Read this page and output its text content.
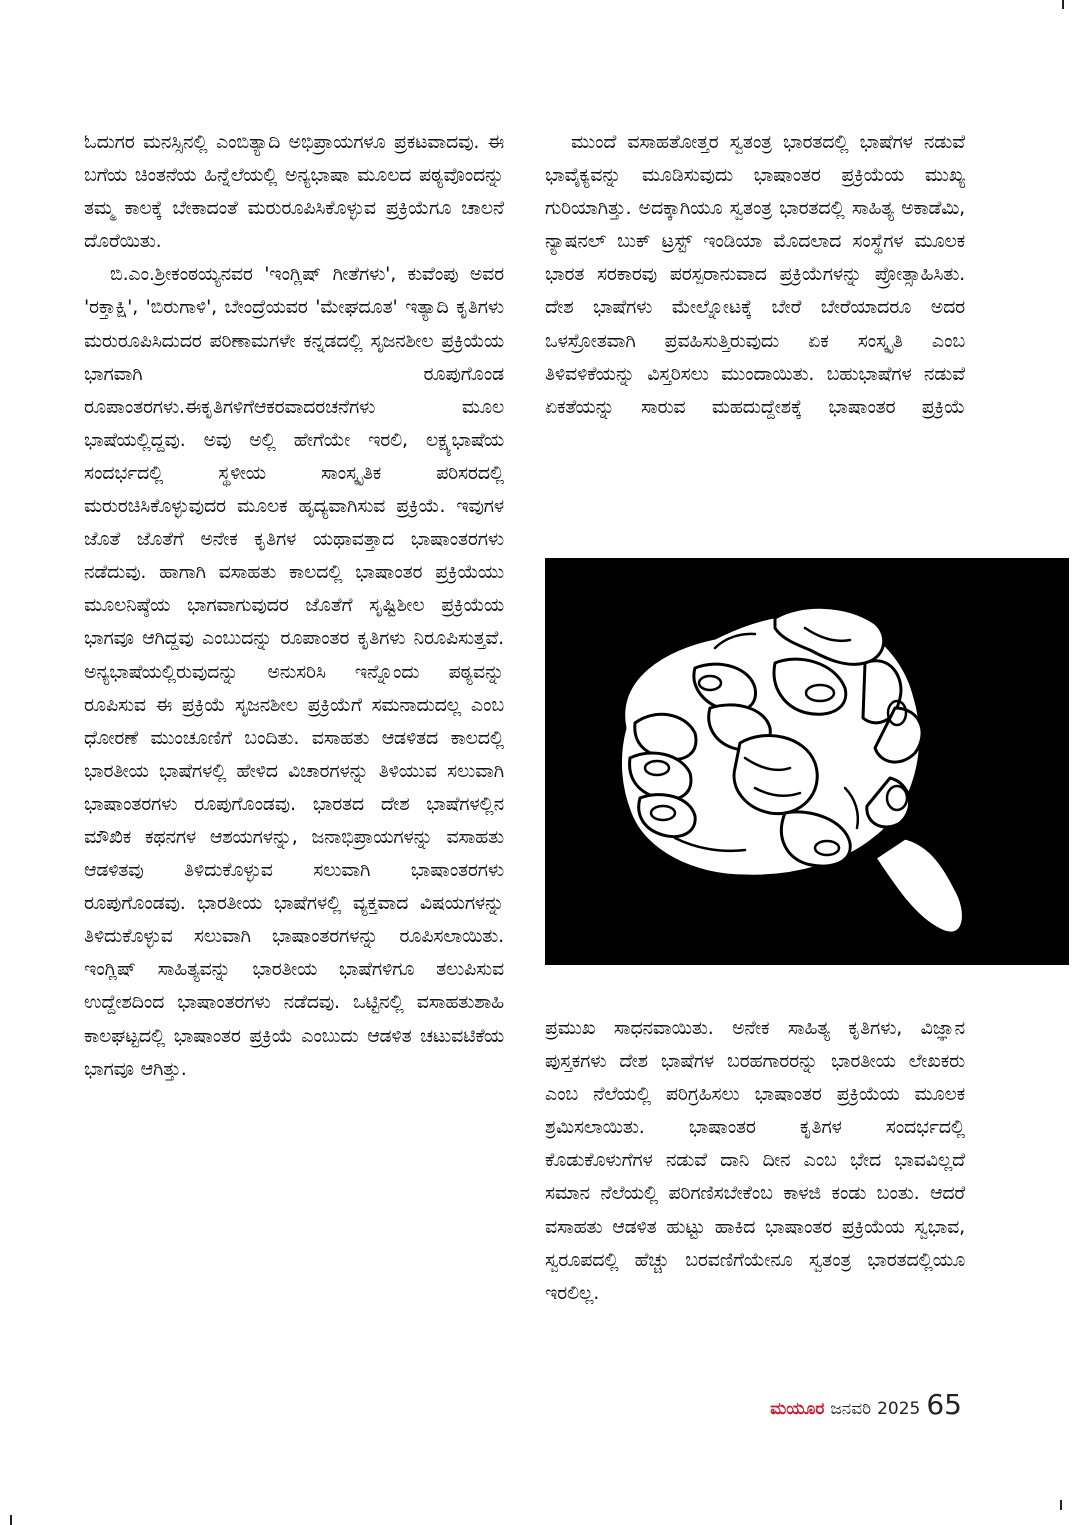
ಓದುಗರ ಮನಸ್ಸಿನಲ್ಲಿ ಎಂಬಿತ್ಯಾದಿ ಅಭಿಪ್ರಾಯಗಳೂ ಪ್ರಕಟವಾದವು. ಈ ಬಗೆಯ ಚಿಂತನೆಯ ಹಿನ್ನೆಲೆಯಲ್ಲಿ ಅನ್ಯಭಾಷಾ ಮೂಲದ ಪಠ್ಯವೊಂದನ್ನು ತಮ್ಮ ಕಾಲಕ್ಕೆ ಬೇಕಾದಂತೆ ಮರುರೂಪಿಸಿಕೊಳ್ಳುವ ಪ್ರಕ್ರಿಯೆಗೂ ಚಾಲನೆ ದೊರೆಯಿತು.

ಬಿ.ಎಂ.ಶ್ರೀಕಂಠಯ್ಯನವರ 'ಇಂಗ್ಲಿಷ್ ಗೀತೆಗಳು', ಕುವೆಂಪು ಅವರ 'ರಕ್ತಾಕ್ಷಿ', 'ಬಿರುಗಾಳಿ', ಬೇಂದ್ರೆಯವರ 'ಮೇಘದೂತ' ಇತ್ಯಾದಿ ಕೃತಿಗಳು ಮರುರೂಪಿಸಿದುದರ ಪರಿಣಾಮಗಳೇ ಕನ್ನಡದಲ್ಲಿ ಸೃಜನಶೀಲ ಪ್ರಕ್ರಿಯೆಯ ಭಾಗವಾಗಿ ರೂಪುಗೊಂಡ ರೂಪಾಂತರಗಳು.ಈಕೃತಿಗಳಿಗೆಆಕರವಾದರಚನೆಗಳು ಮೂಲ ಭಾಷೆಯಲ್ಲಿದ್ದವು. ಅವು ಅಲ್ಲಿ ಹೇಗೆಯೇ ಇರಲಿ, ಲಕ್ಷ್ಯಭಾಷೆಯ ಸಂದರ್ಭದಲ್ಲಿ ಸ್ಥಳೀಯ ಸಾಂಸ್ಕೃತಿಕ ಪರಿಸರದಲ್ಲಿ ಮರುರಚಿಸಿಕೊಳ್ಳುವುದರ ಮೂಲಕ ಹೃದ್ಯವಾಗಿಸುವ ಪ್ರಕ್ರಿಯೆ. ಇವುಗಳ ಜೊತೆ ಜೊತೆಗೆ ಅನೇಕ ಕೃತಿಗಳ ಯಥಾವತ್ತಾದ ಭಾಷಾಂತರಗಳು ನಡೆದುವು. ಹಾಗಾಗಿ ವಸಾಹತು ಕಾಲದಲ್ಲಿ ಭಾಷಾಂತರ ಪ್ರಕ್ರಿಯೆಯು ಮೂಲನಿಷ್ಠೆಯ ಭಾಗವಾಗುವುದರ ಜೊತೆಗೆ ಸೃಷ್ಟಿಶೀಲ ಪ್ರಕ್ರಿಯೆಯ ಭಾಗವೂ ಆಗಿದ್ದವು ಎಂಬುದನ್ನು ರೂಪಾಂತರ ಕೃತಿಗಳು ನಿರೂಪಿಸುತ್ತವೆ. ಅನ್ಯಭಾಷೆಯಲ್ಲಿರುವುದನ್ನು ಅನುಸರಿಸಿ ಇನ್ನೊಂದು ಪಠ್ಯವನ್ನು ರೂಪಿಸುವ ಈ ಪ್ರಕ್ರಿಯೆ ಸೃಜನಶೀಲ ಪ್ರಕ್ರಿಯೆಗೆ ಸಮನಾದುದಲ್ಲ ಎಂಬ ಧೋರಣೆ ಮುಂಚೂಣಿಗೆ ಬಂದಿತು. ವಸಾಹತು ಆಡಳಿತದ ಕಾಲದಲ್ಲಿ ಭಾರತೀಯ ಭಾಷೆಗಳಲ್ಲಿ ಹೇಳಿದ ವಿಚಾರಗಳನ್ನು ತಿಳಿಯುವ ಸಲುವಾಗಿ ಭಾಷಾಂತರಗಳು ರೂಪುಗೊಂಡವು. ಭಾರತದ ದೇಶ ಭಾಷೆಗಳಲ್ಲಿನ ಮೌಖಿಕ ಕಥನಗಳ ಆಶಯಗಳನ್ನು, ಜನಾಭಿಪ್ರಾಯಗಳನ್ನು ವಸಾಹತು ಆಡಳಿತವು ತಿಳಿದುಕೊಳ್ಳುವ ಸಲುವಾಗಿ ಭಾಷಾಂತರಗಳು ರೂಪುಗೊಂಡವು. ಭಾರತೀಯ ಭಾಷೆಗಳಲ್ಲಿ ವ್ಯಕ್ತವಾದ ವಿಷಯಗಳನ್ನು ತಿಳಿದುಕೊಳ್ಳುವ ಸಲುವಾಗಿ ಭಾಷಾಂತರಗಳನ್ನು ರೂಪಿಸಲಾಯಿತು. ಇಂಗ್ಲಿಷ್ ಸಾಹಿತ್ಯವನ್ನು ಭಾರತೀಯ ಭಾಷೆಗಳಿಗೂ ತಲುಪಿಸುವ ಉದ್ದೇಶದಿಂದ ಭಾಷಾಂತರಗಳು ನಡೆದವು. ಒಟ್ಟಿನಲ್ಲಿ ವಸಾಹತುಶಾಹಿ ಕಾಲಘಟ್ಟದಲ್ಲಿ ಭಾಷಾಂತರ ಪ್ರಕ್ರಿಯೆ ಎಂಬುದು ಆಡಳಿತ ಚಟುವಟಿಕೆಯ ಭಾಗವೂ ಆಗಿತ್ತು.

ಮುಂದೆ ವಸಾಹತೋತ್ತರ ಸ್ವತಂತ್ರ ಭಾರತದಲ್ಲಿ ಭಾಷೆಗಳ ನಡುವೆ ಭಾವೈಕ್ಯವನ್ನು ಮೂಡಿಸುವುದು ಭಾಷಾಂತರ ಪ್ರಕ್ರಿಯೆಯ ಮುಖ್ಯ ಗುರಿಯಾಗಿತ್ತು. ಅದಕ್ಕಾಗಿಯೂ ಸ್ವತಂತ್ರ ಭಾರತದಲ್ಲಿ ಸಾಹಿತ್ಯ ಅಕಾಡೆಮಿ, ನ್ಯಾಷನಲ್ ಬುಕ್ ಟ್ರಸ್ಟ್ ಇಂಡಿಯಾ ಮೊದಲಾದ ಸಂಸ್ಥೆಗಳ ಮೂಲಕ ಭಾರತ ಸರಕಾರವು ಪರಸ್ಪರಾನುವಾದ ಪ್ರಕ್ರಿಯೆಗಳನ್ನು ಪ್ರೋತ್ಸಾಹಿಸಿತು. ದೇಶ ಭಾಷೆಗಳು ಮೇಲ್ನೋಟಕ್ಕೆ ಬೇರೆ ಬೇರೆಯಾದರೂ ಅದರ ಒಳಸ್ರೋತವಾಗಿ ಪ್ರವಹಿಸುತ್ತಿರುವುದು ಏಕ ಸಂಸ್ಕೃತಿ ಎಂಬ ತಿಳಿವಳಿಕೆಯನ್ನು ವಿಸ್ತರಿಸಲು ಮುಂದಾಯಿತು. ಬಹುಭಾಷೆಗಳ ನಡುವೆ ಏಕತೆಯನ್ನು ಸಾರುವ ಮಹದುದ್ದೇಶಕ್ಕೆ ಭಾಷಾಂತರ ಪ್ರಕ್ರಿಯೆ

ಪ್ರಮುಖ ಸಾಧನವಾಯಿತು. ಅನೇಕ ಸಾಹಿತ್ಯ ಕೃತಿಗಳು, ವಿಜ್ಞಾನ ಪುಸ್ತಕಗಳು ದೇಶ ಭಾಷೆಗಳ ಬರಹಗಾರರನ್ನು ಭಾರತೀಯ ಲೇಖಕರು ಎಂಬ ನೆಲೆಯಲ್ಲಿ ಪರಿಗ್ರಹಿಸಲು ಭಾಷಾಂತರ ಪ್ರಕ್ರಿಯೆಯ ಮೂಲಕ ಶ್ರಮಿಸಲಾಯಿತು. ಭಾಷಾಂತರ ಕೃತಿಗಳ ಸಂದರ್ಭದಲ್ಲಿ ಕೊಡುಕೊಳುಗೆಗಳ ನಡುವೆ ದಾನಿ ದೀನ ಎಂಬ ಭೇದ ಭಾವವಿಲ್ಲದೆ ಸಮಾನ ನೆಲೆಯಲ್ಲಿ ಪರಿಗಣಿಸಬೇಕೆಂಬ ಕಾಳಜಿ ಕಂಡು ಬಂತು. ಆದರೆ ವಸಾಹತು ಆಡಳಿತ ಹುಟ್ಟು ಹಾಕಿದ ಭಾಷಾಂತರ ಪ್ರಕ್ರಿಯೆಯ ಸ್ವಭಾವ, ಸ್ವರೂಪದಲ್ಲಿ ಹೆಚ್ಚು ಬರವಣಿಗೆಯೇನೂ ಸ್ವತಂತ್ರ ಭಾರತದಲ್ಲಿಯೂ ಇರಲಿಲ್ಲ.

ಮಯೂರ ಜನವರಿ 2025 65
